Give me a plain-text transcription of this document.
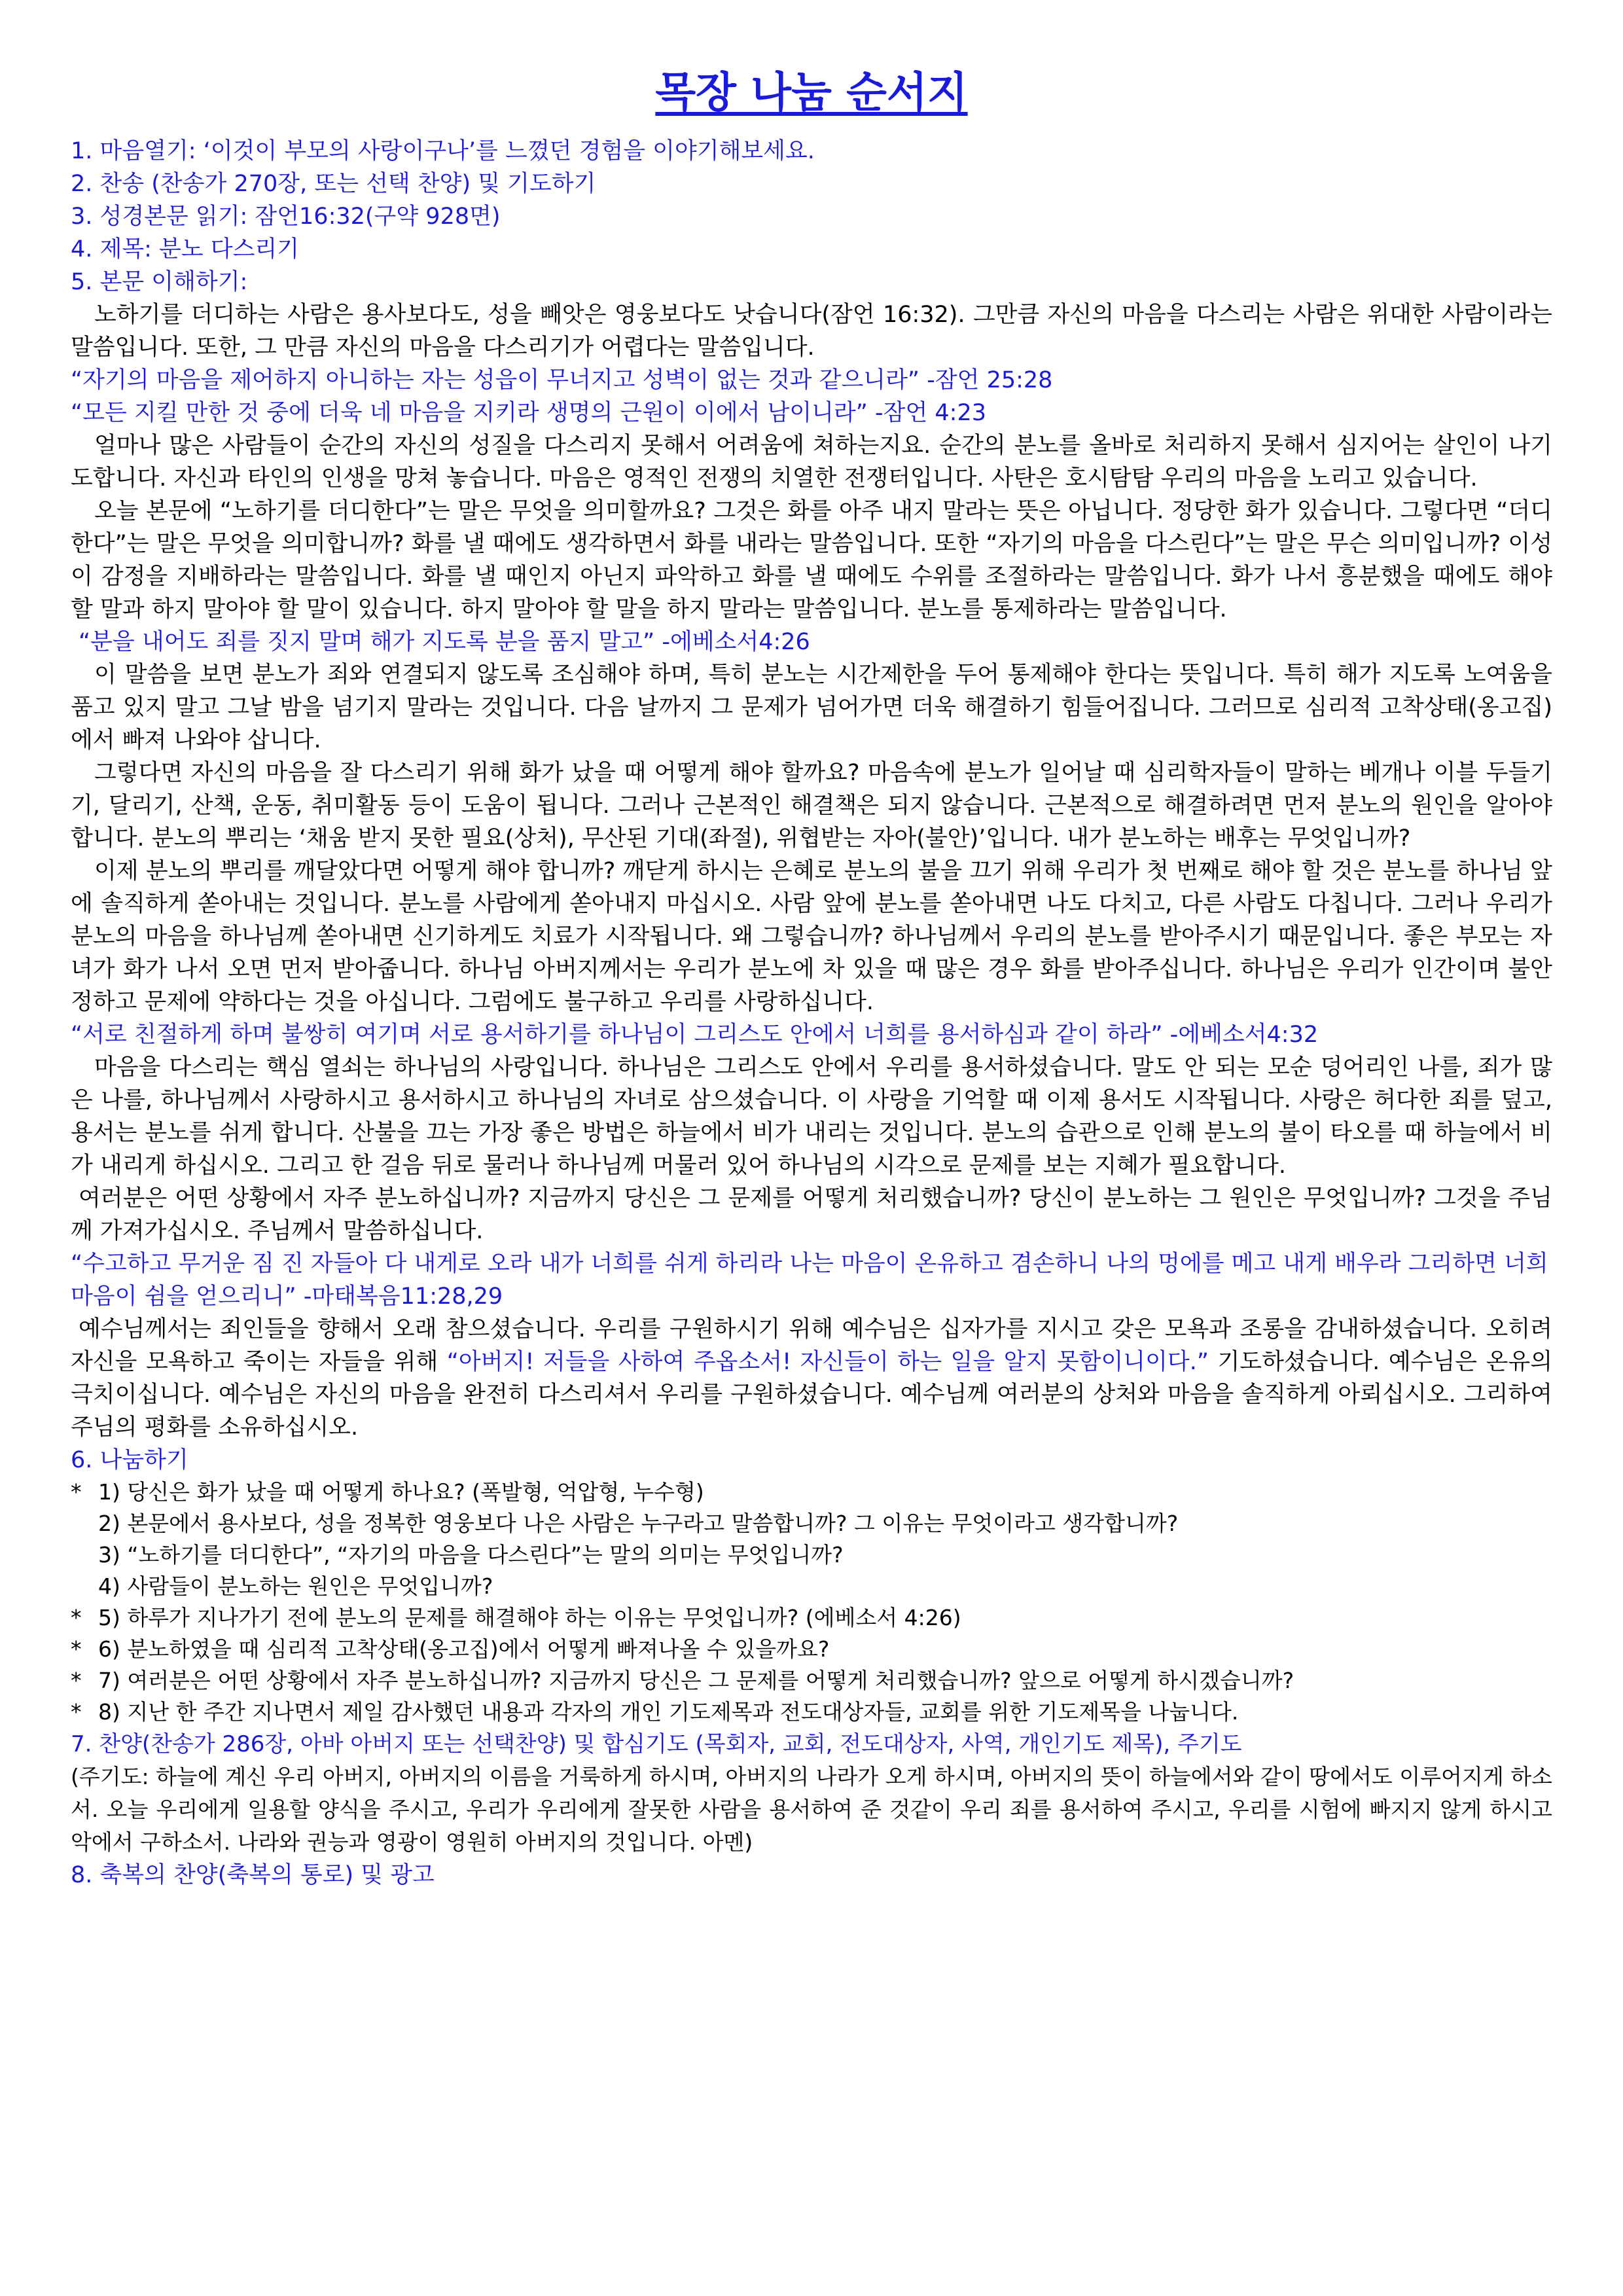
목장 나눔 순서지
1. 마음열기: ‘이것이 부모의 사랑이구나’를 느꼈던 경험을 이야기해보세요.
2. 찬송 (찬송가 270장, 또는 선택 찬양) 및 기도하기
3. 성경본문 읽기: 잠언16:32(구약 928면)
4. 제목: 분노 다스리기
5. 본문 이해하기:
노하기를 더디하는 사람은 용사보다도, 성을 빼앗은 영웅보다도 낫습니다(잠언 16:32). 그만큼 자신의 마음을 다스리는 사람은 위대한 사람이라는 말씀입니다. 또한, 그 만큼 자신의 마음을 다스리기가 어렵다는 말씀입니다.
“자기의 마음을 제어하지 아니하는 자는 성읍이 무너지고 성벽이 없는 것과 같으니라” -잠언 25:28
“모든 지킬 만한 것 중에 더욱 네 마음을 지키라 생명의 근원이 이에서 남이니라” -잠언 4:23
얼마나 많은 사람들이 순간의 자신의 성질을 다스리지 못해서 어려움에 쳐하는지요. 순간의 분노를 올바로 처리하지 못해서 심지어는 살인이 나기도합니다. 자신과 타인의 인생을 망쳐 놓습니다. 마음은 영적인 전쟁의 치열한 전쟁터입니다. 사탄은 호시탐탐 우리의 마음을 노리고 있습니다.
오늘 본문에 “노하기를 더디한다”는 말은 무엇을 의미할까요? 그것은 화를 아주 내지 말라는 뜻은 아닙니다. 정당한 화가 있습니다. 그렇다면 “더디한다”는 말은 무엇을 의미합니까? 화를 낼 때에도 생각하면서 화를 내라는 말씀입니다. 또한 “자기의 마음을 다스린다”는 말은 무슨 의미입니까? 이성이 감정을 지배하라는 말씀입니다. 화를 낼 때인지 아닌지 파악하고 화를 낼 때에도 수위를 조절하라는 말씀입니다. 화가 나서 흥분했을 때에도 해야 할 말과 하지 말아야 할 말이 있습니다. 하지 말아야 할 말을 하지 말라는 말씀입니다. 분노를 통제하라는 말씀입니다.
“분을 내어도 죄를 짓지 말며 해가 지도록 분을 품지 말고” -에베소서4:26
이 말씀을 보면 분노가 죄와 연결되지 않도록 조심해야 하며, 특히 분노는 시간제한을 두어 통제해야 한다는 뜻입니다. 특히 해가 지도록 노여움을 품고 있지 말고 그날 밤을 넘기지 말라는 것입니다. 다음 날까지 그 문제가 넘어가면 더욱 해결하기 힘들어집니다. 그러므로 심리적 고착상태(옹고집)에서 빠져 나와야 삽니다.
그렇다면 자신의 마음을 잘 다스리기 위해 화가 났을 때 어떻게 해야 할까요? 마음속에 분노가 일어날 때 심리학자들이 말하는 베개나 이블 두들기기, 달리기, 산책, 운동, 취미활동 등이 도움이 됩니다. 그러나 근본적인 해결책은 되지 않습니다. 근본적으로 해결하려면 먼저 분노의 원인을 알아야 합니다. 분노의 뿌리는 ‘채움 받지 못한 필요(상처), 무산된 기대(좌절), 위협받는 자아(불안)’입니다. 내가 분노하는 배후는 무엇입니까?
이제 분노의 뿌리를 깨달았다면 어떻게 해야 합니까? 깨닫게 하시는 은혜로 분노의 불을 끄기 위해 우리가 첫 번째로 해야 할 것은 분노를 하나님 앞에 솔직하게 쏟아내는 것입니다. 분노를 사람에게 쏟아내지 마십시오. 사람 앞에 분노를 쏟아내면 나도 다치고, 다른 사람도 다칩니다. 그러나 우리가 분노의 마음을 하나님께 쏟아내면 신기하게도 치료가 시작됩니다. 왜 그렇습니까? 하나님께서 우리의 분노를 받아주시기 때문입니다. 좋은 부모는 자녀가 화가 나서 오면 먼저 받아줍니다. 하나님 아버지께서는 우리가 분노에 차 있을 때 많은 경우 화를 받아주십니다. 하나님은 우리가 인간이며 불안정하고 문제에 약하다는 것을 아십니다. 그럼에도 불구하고 우리를 사랑하십니다.
“서로 친절하게 하며 불쌍히 여기며 서로 용서하기를 하나님이 그리스도 안에서 너희를 용서하심과 같이 하라” -에베소서4:32
마음을 다스리는 핵심 열쇠는 하나님의 사랑입니다. 하나님은 그리스도 안에서 우리를 용서하셨습니다. 말도 안 되는 모순 덩어리인 나를, 죄가 많은 나를, 하나님께서 사랑하시고 용서하시고 하나님의 자녀로 삼으셨습니다. 이 사랑을 기억할 때 이제 용서도 시작됩니다. 사랑은 허다한 죄를 덮고, 용서는 분노를 쉬게 합니다. 산불을 끄는 가장 좋은 방법은 하늘에서 비가 내리는 것입니다. 분노의 습관으로 인해 분노의 불이 타오를 때 하늘에서 비가 내리게 하십시오. 그리고 한 걸음 뒤로 물러나 하나님께 머물러 있어 하나님의 시각으로 문제를 보는 지혜가 필요합니다.
여러분은 어떤 상황에서 자주 분노하십니까? 지금까지 당신은 그 문제를 어떻게 처리했습니까? 당신이 분노하는 그 원인은 무엇입니까? 그것을 주님께 가져가십시오. 주님께서 말씀하십니다.
“수고하고 무거운 짐 진 자들아 다 내게로 오라 내가 너희를 쉬게 하리라 나는 마음이 온유하고 겸손하니 나의 멍에를 메고 내게 배우라 그리하면 너희 마음이 쉼을 얻으리니” -마태복음11:28,29
예수님께서는 죄인들을 향해서 오래 참으셨습니다. 우리를 구원하시기 위해 예수님은 십자가를 지시고 갖은 모욕과 조롱을 감내하셨습니다. 오히려 자신을 모욕하고 죽이는 자들을 위해 “아버지! 저들을 사하여 주옵소서! 자신들이 하는 일을 알지 못함이니이다.” 기도하셨습니다. 예수님은 온유의 극치이십니다. 예수님은 자신의 마음을 완전히 다스리셔서 우리를 구원하셨습니다. 예수님께 여러분의 상처와 마음을 솔직하게 아뢰십시오. 그리하여 주님의 평화를 소유하십시오.
6. 나눔하기
* 1) 당신은 화가 났을 때 어떻게 하나요? (폭발형, 억압형, 누수형)
2) 본문에서 용사보다, 성을 정복한 영웅보다 나은 사람은 누구라고 말씀합니까? 그 이유는 무엇이라고 생각합니까?
3) “노하기를 더디한다”, “자기의 마음을 다스린다”는 말의 의미는 무엇입니까?
4) 사람들이 분노하는 원인은 무엇입니까?
* 5) 하루가 지나가기 전에 분노의 문제를 해결해야 하는 이유는 무엇입니까? (에베소서 4:26)
* 6) 분노하였을 때 심리적 고착상태(옹고집)에서 어떻게 빠져나올 수 있을까요?
* 7) 여러분은 어떤 상황에서 자주 분노하십니까? 지금까지 당신은 그 문제를 어떻게 처리했습니까? 앞으로 어떻게 하시겠습니까?
* 8) 지난 한 주간 지나면서 제일 감사했던 내용과 각자의 개인 기도제목과 전도대상자들, 교회를 위한 기도제목을 나눕니다.
7. 찬양(찬송가 286장, 아바 아버지 또는 선택찬양) 및 합심기도 (목회자, 교회, 전도대상자, 사역, 개인기도 제목), 주기도
(주기도: 하늘에 계신 우리 아버지, 아버지의 이름을 거룩하게 하시며, 아버지의 나라가 오게 하시며, 아버지의 뜻이 하늘에서와 같이 땅에서도 이루어지게 하소서. 오늘 우리에게 일용할 양식을 주시고, 우리가 우리에게 잘못한 사람을 용서하여 준 것같이 우리 죄를 용서하여 주시고, 우리를 시험에 빠지지 않게 하시고 악에서 구하소서. 나라와 권능과 영광이 영원히 아버지의 것입니다. 아멘)
8. 축복의 찬양(축복의 통로) 및 광고
